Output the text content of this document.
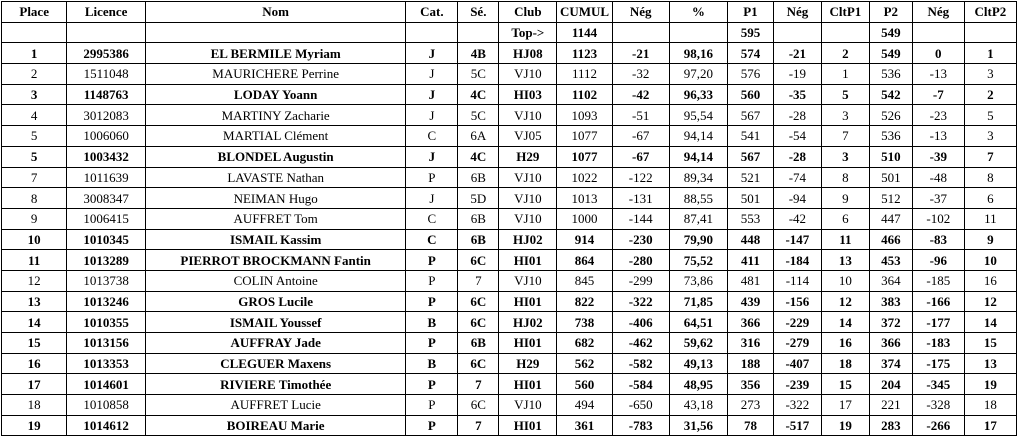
Place	Licence	Nom	Cat.	Sé.	Club	CUMUL	Nég	%	P1	Nég	CltP1	P2	Nég	CltP2
					Top->	1144			595			549		
1	2995386	EL BERMILE Myriam	J	4B	HJ08	1123	-21	98,16	574	-21	2	549	0	1
2	1511048	MAURICHERE Perrine	J	5C	VJ10	1112	-32	97,20	576	-19	1	536	-13	3
3	1148763	LODAY Yoann	J	4C	HI03	1102	-42	96,33	560	-35	5	542	-7	2
4	3012083	MARTINY Zacharie	J	5C	VJ10	1093	-51	95,54	567	-28	3	526	-23	5
5	1006060	MARTIAL Clément	C	6A	VJ05	1077	-67	94,14	541	-54	7	536	-13	3
5	1003432	BLONDEL Augustin	J	4C	H29	1077	-67	94,14	567	-28	3	510	-39	7
7	1011639	LAVASTE Nathan	P	6B	VJ10	1022	-122	89,34	521	-74	8	501	-48	8
8	3008347	NEIMAN Hugo	J	5D	VJ10	1013	-131	88,55	501	-94	9	512	-37	6
9	1006415	AUFFRET Tom	C	6B	VJ10	1000	-144	87,41	553	-42	6	447	-102	11
10	1010345	ISMAIL Kassim	C	6B	HJ02	914	-230	79,90	448	-147	11	466	-83	9
11	1013289	PIERROT BROCKMANN Fantin	P	6C	HI01	864	-280	75,52	411	-184	13	453	-96	10
12	1013738	COLIN Antoine	P	7	VJ10	845	-299	73,86	481	-114	10	364	-185	16
13	1013246	GROS Lucile	P	6C	HI01	822	-322	71,85	439	-156	12	383	-166	12
14	1010355	ISMAIL Youssef	B	6C	HJ02	738	-406	64,51	366	-229	14	372	-177	14
15	1013156	AUFFRAY Jade	P	6B	HI01	682	-462	59,62	316	-279	16	366	-183	15
16	1013353	CLEGUER Maxens	B	6C	H29	562	-582	49,13	188	-407	18	374	-175	13
17	1014601	RIVIERE Timothée	P	7	HI01	560	-584	48,95	356	-239	15	204	-345	19
18	1010858	AUFFRET Lucie	P	6C	VJ10	494	-650	43,18	273	-322	17	221	-328	18
19	1014612	BOIREAU Marie	P	7	HI01	361	-783	31,56	78	-517	19	283	-266	17
